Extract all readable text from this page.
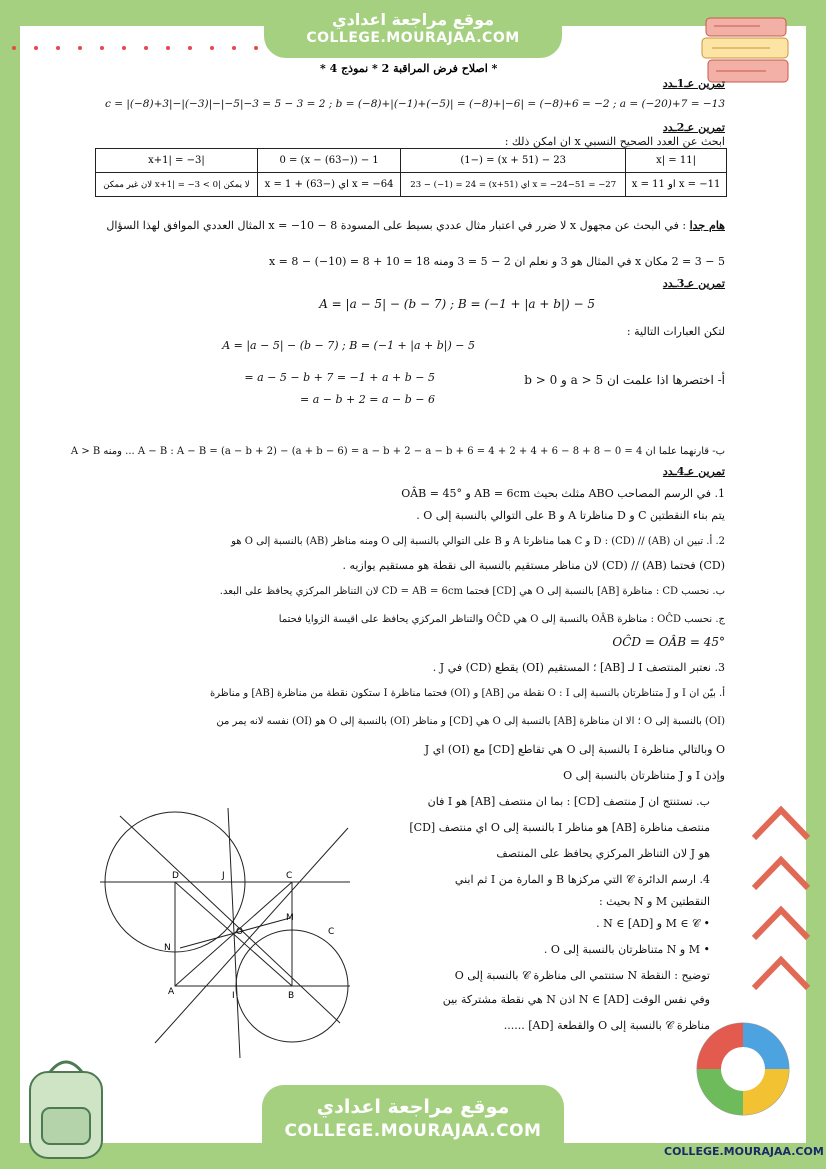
موقع مراجعة اعدادي
COLLEGE.MOURAJAA.COM
* اصلاح فرض المراقبة 2 * نموذج 4 *
تمرين عـ1ـدد
c = |(−8)+3|−|(−3)|−|−5|−3 = 5 − 3 = 2 ; b = (−8)+|(−1)+(−5)| = (−8)+|−6| = (−8)+6 = −2 ; a = (−20)+7 = −13
تمرين عـ2ـدد
ابحث عن العدد الصحيح النسبي x ان امكن ذلك :
|x| = 11	23 − (x + 51) = (−1)	1 − ((−63) − x) = 0	|x+1| = −3
x = −11 او x = 11	x = −24−51 = −27 اي (x+51) = 23 − (−1) = 24	x = −64 اي (−63) + x = 1	لا يمكن |x+1| = −3 < 0 لان غير ممكن
هام جدا : في البحث عن مجهول x لا ضرر في اعتبار مثال عددي بسيط على المسودة 8 − x = −10 المثال العددي الموافق لهذا السؤال
5 − 3 = 2 مكان x في المثال هو 3 و نعلم ان 2 − 5 = 3 ومنه x = 8 − (−10) = 8 + 10 = 18
تمرين عـ3ـدد
A = |a − 5| − (b − 7) ; B = (−1 + |a + b|) − 5
لتكن العبارات التالية :
A = |a − 5| − (b − 7) ; B = (−1 + |a + b|) − 5
= a − 5 − b + 7 = −1 + a + b − 5
= a − b + 2 = a − b − 6
أ- اختصرها اذا علمت ان a > 5 و b > 0
ب- قارنهما علما ان 4 = A − B : A − B = (a − b + 2) − (a + b − 6) = a − b + 2 − a − b + 6 = 4 + 2 + 4 + 6 − 8 + 8 − 0 ... ومنه A > B
تمرين عـ4ـدد
1. في الرسم المصاحب ABO مثلث بحيث AB = 6cm و OÂB = 45°
يتم بناء النقطتين C و D مناظرتا A و B على التوالي بالنسبة إلى O .
2. أ. تبين ان (AB) // (CD) : D و C هما مناظرتا A و B على التوالي بالنسبة إلى O ومنه مناظر (AB) بالنسبة إلى O هو
(CD) فحتما (AB) // (CD) لان مناظر مستقيم بالنسبة الى نقطة هو مستقيم يوازيه .
ب. نحسب CD : مناظرة [AB] بالنسبة إلى O هي [CD] فحتما CD = AB = 6cm لان التناظر المركزي يحافظ على البعد.
ج. نحسب OĈD : مناظرة OÂB بالنسبة إلى O هي OĈD والتناظر المركزي يحافظ على اقيسة الزوايا فحتما
OĈD = OÂB = 45°
3. نعتبر المنتصف I لـ [AB] ؛ المستقيم (OI) يقطع (CD) في J .
أ. بيّن ان I و J متناظرتان بالنسبة إلى O : I نقطة من [AB] و (OI) فحتما مناظرة I ستكون نقطة من مناظرة [AB] و مناظرة
(OI) بالنسبة إلى O ؛ الا ان مناظرة [AB] بالنسبة إلى O هي [CD] و مناظر (OI) بالنسبة إلى O هو (OI) نفسه لانه يمر من
O وبالتالي مناظرة I بالنسبة إلى O هي تقاطع [CD] مع (OI) اي J
وإذن I و J متناظرتان بالنسبة إلى O
ب. نستنتج ان J منتصف [CD] : بما ان منتصف [AB] هو I فان
منتصف مناظرة [AB] هو مناظر I بالنسبة إلى O اي منتصف [CD]
هو J لان التناظر المركزي يحافظ على المنتصف
4. ارسم الدائرة 𝒞 التي مركزها B و المارة من I ثم ابني
النقطتين M و N بحيث :
• M ∈ 𝒞 و N ∈ [AD] .
• M و N متناظرتان بالنسبة إلى O .
توضيح : النقطة N ستنتمي الى مناظرة 𝒞 بالنسبة إلى O
وفي نفس الوقت N ∈ [AD] اذن N هي نقطة مشتركة بين
مناظرة 𝒞 بالنسبة إلى O والقطعة [AD] ......
D	J	C
O
M
N
A	I	B
C
موقع مراجعة اعدادي
COLLEGE.MOURAJAA.COM
COLLEGE.MOURAJAA.COM
